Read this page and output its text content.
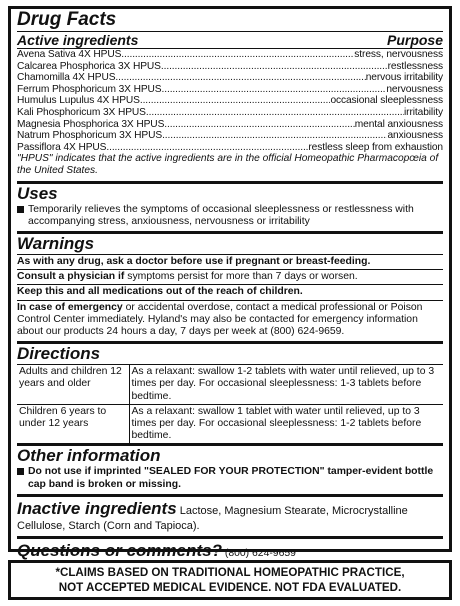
Drug Facts
Active ingredients	Purpose
Avena Sativa 4X HPUS .....	stress, nervousness
Calcarea Phosphorica 3X HPUS .....	restlessness
Chamomilla 4X HPUS .....	nervous irritability
Ferrum Phosphoricum 3X HPUS .....	nervousness
Humulus Lupulus 4X HPUS .....	occasional sleeplessness
Kali Phosphoricum 3X HPUS .....	irritability
Magnesia Phosphorica 3X HPUS .....	mental anxiousness
Natrum Phosphoricum 3X HPUS .....	anxiousness
Passiflora 4X HPUS .....	restless sleep from exhaustion
"HPUS" indicates that the active ingredients are in the official Homeopathic Pharmacopœia of the United States.
Uses
Temporarily relieves the symptoms of occasional sleeplessness or restlessness with accompanying stress, anxiousness, nervousness or irritability
Warnings
As with any drug, ask a doctor before use if pregnant or breast-feeding.
Consult a physician if symptoms persist for more than 7 days or worsen.
Keep this and all medications out of the reach of children.
In case of emergency or accidental overdose, contact a medical professional or Poison Control Center immediately. Hyland's may also be contacted for emergency information about our products 24 hours a day, 7 days per week at (800) 624-9659.
Directions
Adults and children 12 years and older	As a relaxant: swallow 1-2 tablets with water until relieved, up to 3 times per day. For occasional sleeplessness: 1-3 tablets before bedtime.
Children 6 years to under 12 years	As a relaxant: swallow 1 tablet with water until relieved, up to 3 times per day. For occasional sleeplessness: 1-2 tablets before bedtime.
Other information
Do not use if imprinted "SEALED FOR YOUR PROTECTION" tamper-evident bottle cap band is broken or missing.
Inactive ingredients Lactose, Magnesium Stearate, Microcrystalline Cellulose, Starch (Corn and Tapioca).
Questions or comments? (800) 624-9659
*CLAIMS BASED ON TRADITIONAL HOMEOPATHIC PRACTICE,
NOT ACCEPTED MEDICAL EVIDENCE. NOT FDA EVALUATED.
